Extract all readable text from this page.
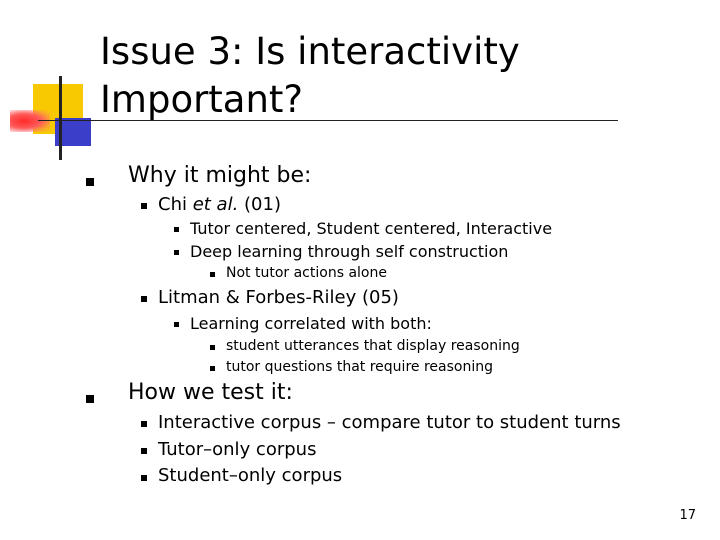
Issue 3: Is interactivity
Important?
Why it might be:
Chi et al. (01)
Tutor centered, Student centered, Interactive
Deep learning through self construction
Not tutor actions alone
Litman & Forbes-Riley (05)
Learning correlated with both:
student utterances that display reasoning
tutor questions that require reasoning
How we test it:
Interactive corpus – compare tutor to student turns
Tutor–only corpus
Student–only corpus
17
